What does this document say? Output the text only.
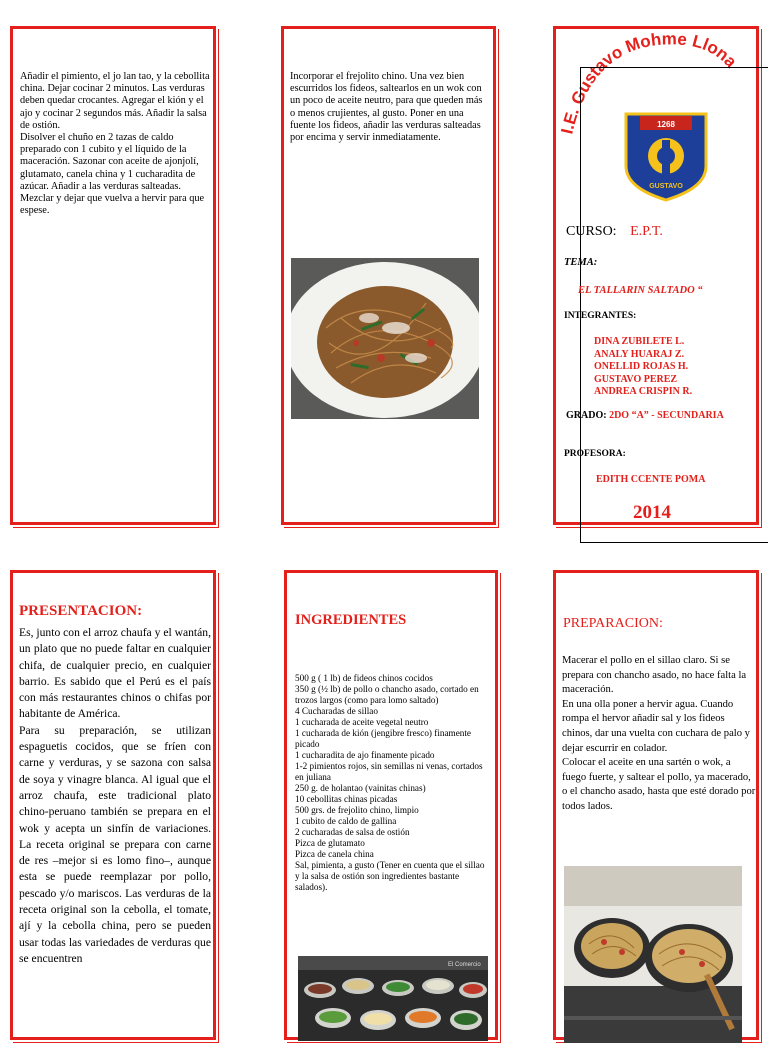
Añadir el pimiento, el jo lan tao, y la cebollita china. Dejar cocinar 2 minutos. Las verduras deben quedar crocantes. Agregar el kión y el ajo y cocinar 2 segundos más. Añadir la salsa de ostión.
Disolver el chuño en 2 tazas de caldo preparado con 1 cubito y el líquido de la maceración. Sazonar con aceite de ajonjolí, glutamato, canela china y 1 cucharadita de azúcar. Añadir a las verduras salteadas. Mezclar y dejar que vuelva a hervir para que espese.
Incorporar el frejolito chino. Una vez bien escurridos los fideos, saltearlos en un wok con un poco de aceite neutro, para que queden más o menos crujientes, al gusto. Poner en una fuente los fideos, añadir las verduras salteadas por encima y servir inmediatamente.
I.E. Gustavo Mohme Llona
1268
GUSTAVO
CURSO: E.P.T.
TEMA:
EL TALLARIN SALTADO “
INTEGRANTES:
DINA ZUBILETE L.
ANALY HUARAJ Z.
ONELLID ROJAS H.
GUSTAVO PEREZ
ANDREA CRISPIN R.
GRADO: 2DO “A” - SECUNDARIA
PROFESORA:
EDITH CCENTE POMA
2014
PRESENTACION:
Es, junto con el arroz chaufa y el wantán, un plato que no puede faltar en cualquier chifa, de cualquier precio, en cualquier barrio. Es sabido que el Perú es el país con más restaurantes chinos o chifas por habitante de América.
Para su preparación, se utilizan espaguetis cocidos, que se fríen con carne y verduras, y se sazona con salsa de soya y vinagre blanca. Al igual que el arroz chaufa, este tradicional plato chino-peruano también se prepara en el wok y acepta un sinfín de variaciones. La receta original se prepara con carne de res –mejor si es lomo fino–, aunque esta se puede reemplazar por pollo, pescado y/o mariscos. Las verduras de la receta original son la cebolla, el tomate, ají y la cebolla china, pero se pueden usar todas las variedades de verduras que se encuentren
INGREDIENTES
500 g ( 1 lb) de fideos chinos cocidos
350 g (½ lb) de pollo o chancho asado, cortado en trozos largos (como para lomo saltado)
4 Cucharadas de sillao
1 cucharada de aceite vegetal neutro
1 cucharada de kión (jengibre fresco) finamente picado
1 cucharadita de ajo finamente picado
1-2 pimientos rojos, sin semillas ni venas, cortados en juliana
250 g. de holantao (vainitas chinas)
10 cebollitas chinas picadas
500 grs. de frejolito chino, limpio
1 cubito de caldo de gallina
2 cucharadas de salsa de ostión
Pizca de glutamato
Pizca de canela china
Sal, pimienta, a gusto (Tener en cuenta que el sillao y la salsa de ostión son ingredientes bastante salados).
El Comercio
PREPARACION:
Macerar el pollo en el sillao claro. Si se prepara con chancho asado, no hace falta la maceración.
En una olla poner a hervir agua. Cuando rompa el hervor añadir sal y los fideos chinos, dar una vuelta con cuchara de palo y dejar escurrir en colador.
Colocar el aceite en una sartén o wok, a fuego fuerte, y saltear el pollo, ya macerado, o el chancho asado, hasta que esté dorado por todos lados.
